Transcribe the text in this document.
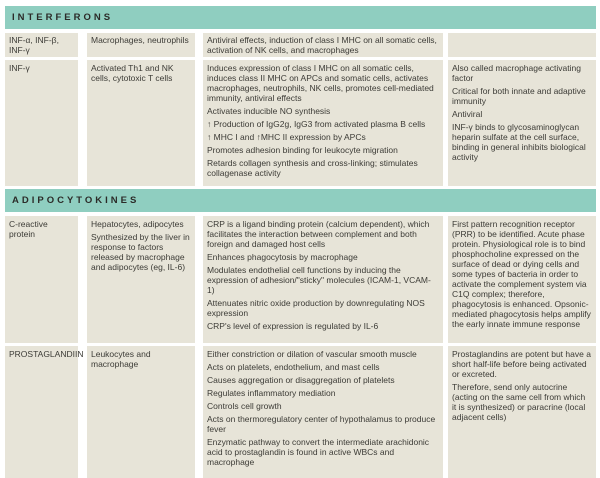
INTERFERONS

INF-α, INF-β, INF-γ

Macrophages, neutrophils Antiviral effects, induction of class I MHC on all somatic cells, activation of NK cells, and macrophages

INF-γ	Activated Th1 and NK cells, cytotoxic T cells

Induces expression of class I MHC on all somatic cells, induces class II MHC on APCs and somatic cells, activates macrophages, neutrophils, NK cells, promotes cell-mediated immunity, antiviral effects

Activates inducible NO synthesis

↑ Production of IgG2g, IgG3 from activated plasma B cells

↑ MHC I and ↑MHC II expression by APCs

Promotes adhesion binding for leukocyte migration

Retards collagen synthesis and cross-linking; stimulates collagenase activity

Also called macrophage activating factor

Critical for both innate and adaptive immunity

Antiviral

INF-γ binds to glycosaminoglycan heparin sulfate at the cell surface, binding in general inhibits biological activity

ADIPOCYTOKINES

C-reactive protein

Hepatocytes, adipocytes

Synthesized by the liver in response to factors released by macrophage and adipocytes (eg, IL-6)

CRP is a ligand binding protein (calcium dependent), which facilitates the interaction between complement and both foreign and damaged host cells

Enhances phagocytosis by macrophage

Modulates endothelial cell functions by inducing the expression of adhesion/"sticky" molecules (ICAM-1, VCAM-1)

Attenuates nitric oxide production by downregulating NOS expression

CRP's level of expression is regulated by IL-6

First pattern recognition receptor (PRR) to be identified. Acute phase protein. Physiological role is to bind phosphocholine expressed on the surface of dead or dying cells and some types of bacteria in order to activate the complement system via C1Q complex; therefore, phagocytosis is enhanced. Opsonic-mediated phagocytosis helps amplify the early innate immune response

PROSTAGLANDIIN Leukocytes and macrophage

Either constriction or dilation of vascular smooth muscle

Acts on platelets, endothelium, and mast cells

Causes aggregation or disaggregation of platelets

Regulates inflammatory mediation

Controls cell growth

Acts on thermoregulatory center of hypothalamus to produce fever

Enzymatic pathway to convert the intermediate arachidonic acid to prostaglandin is found in active WBCs and macrophage

Prostaglandins are potent but have a short half-life before being activated or excreted.

Therefore, send only autocrine (acting on the same cell from which it is synthesized) or paracrine (local adjacent cells)
